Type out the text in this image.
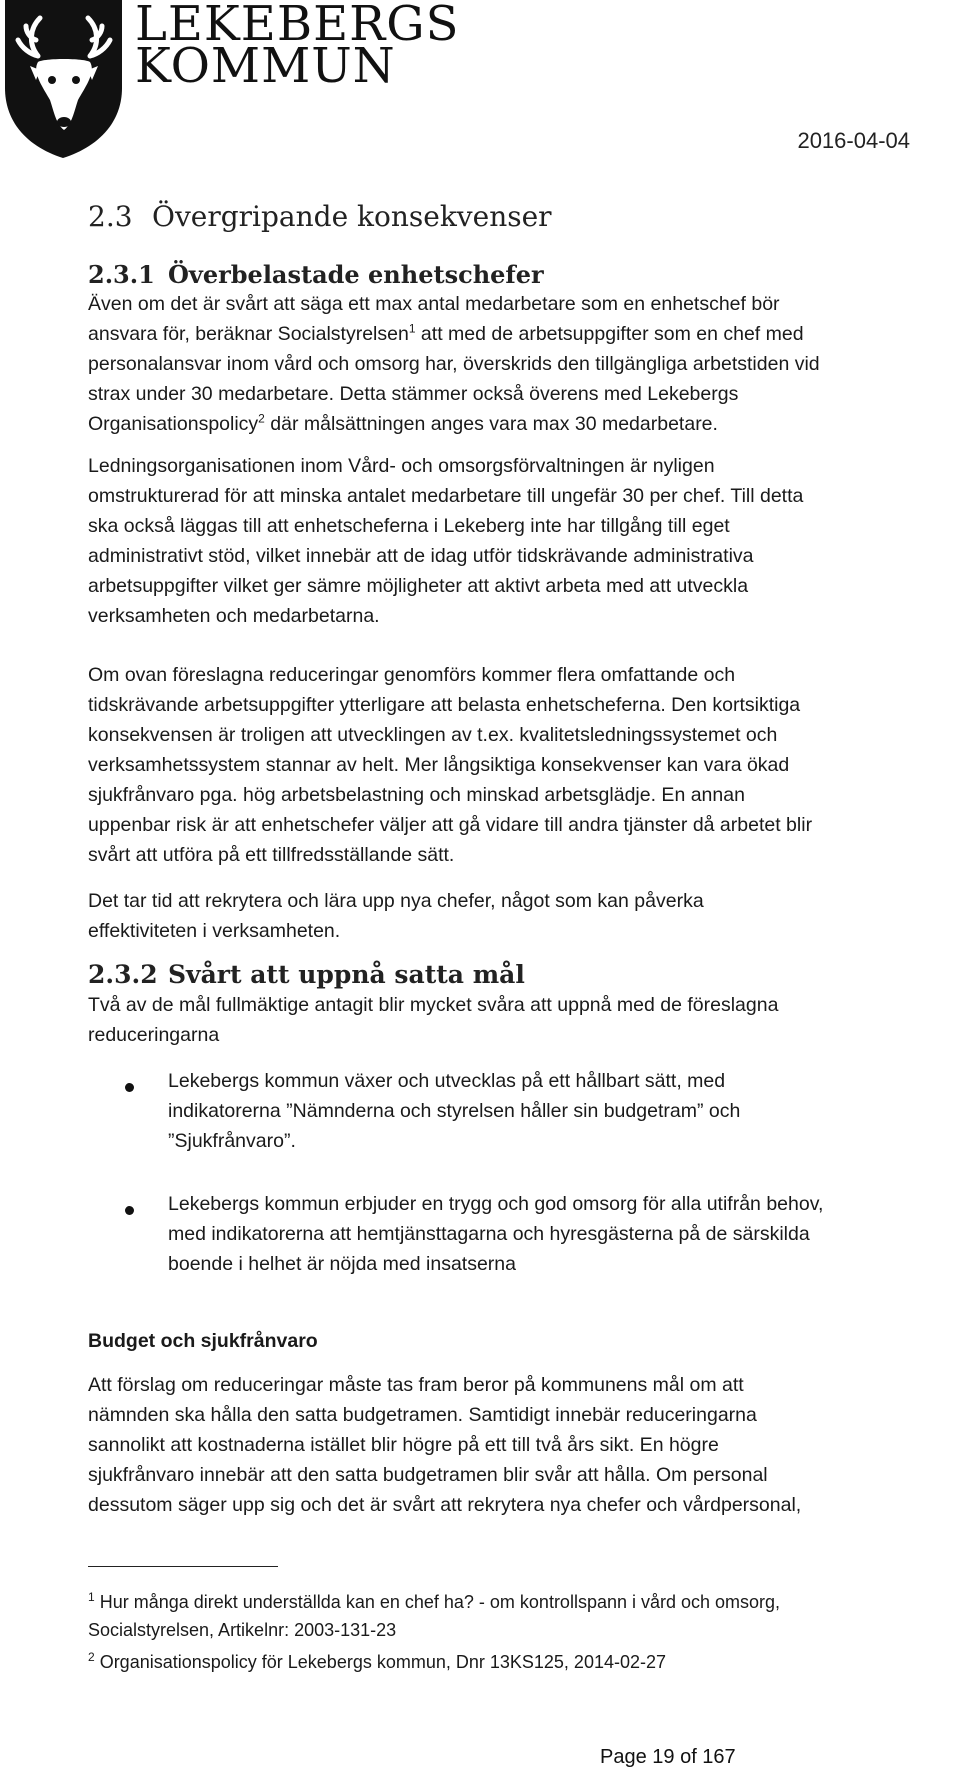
LEKEBERGS
KOMMUN
2016-04-04
2.3 Övergripande konsekvenser
2.3.1 Överbelastade enhetschefer
Även om det är svårt att säga ett max antal medarbetare som en enhetschef bör
ansvara för, beräknar Socialstyrelsen$^1$ att med de arbetsuppgifter som en chef med
personalansvar inom vård och omsorg har, överskrids den tillgängliga arbetstiden vid
strax under 30 medarbetare. Detta stämmer också överens med Lekebergs
Organisationspolicy$^2$ där målsättningen anges vara max 30 medarbetare.
Ledningsorganisationen inom Vård- och omsorgsförvaltningen är nyligen
omstrukturerad för att minska antalet medarbetare till ungefär 30 per chef. Till detta
ska också läggas till att enhetscheferna i Lekeberg inte har tillgång till eget
administrativt stöd, vilket innebär att de idag utför tidskrävande administrativa
arbetsuppgifter vilket ger sämre möjligheter att aktivt arbeta med att utveckla
verksamheten och medarbetarna.
Om ovan föreslagna reduceringar genomförs kommer flera omfattande och
tidskrävande arbetsuppgifter ytterligare att belasta enhetscheferna. Den kortsiktiga
konsekvensen är troligen att utvecklingen av t.ex. kvalitetsledningssystemet och
verksamhetssystem stannar av helt. Mer långsiktiga konsekvenser kan vara ökad
sjukfrånvaro pga. hög arbetsbelastning och minskad arbetsglädje. En annan
uppenbar risk är att enhetschefer väljer att gå vidare till andra tjänster då arbetet blir
svårt att utföra på ett tillfredsställande sätt.
Det tar tid att rekrytera och lära upp nya chefer, något som kan påverka
effektiviteten i verksamheten.
2.3.2 Svårt att uppnå satta mål
Två av de mål fullmäktige antagit blir mycket svåra att uppnå med de föreslagna
reduceringarna
Lekebergs kommun växer och utvecklas på ett hållbart sätt, med
indikatorerna ”Nämnderna och styrelsen håller sin budgetram” och
”Sjukfrånvaro”.
Lekebergs kommun erbjuder en trygg och god omsorg för alla utifrån behov,
med indikatorerna att hemtjänsttagarna och hyresgästerna på de särskilda
boende i helhet är nöjda med insatserna
Budget och sjukfrånvaro
Att förslag om reduceringar måste tas fram beror på kommunens mål om att
nämnden ska hålla den satta budgetramen. Samtidigt innebär reduceringarna
sannolikt att kostnaderna istället blir högre på ett till två års sikt. En högre
sjukfrånvaro innebär att den satta budgetramen blir svår att hålla. Om personal
dessutom säger upp sig och det är svårt att rekrytera nya chefer och vårdpersonal,
$^1$ Hur många direkt underställda kan en chef ha? - om kontrollspann i vård och omsorg,
Socialstyrelsen, Artikelnr: 2003-131-23
$^2$ Organisationspolicy för Lekebergs kommun, Dnr 13KS125, 2014-02-27
Page 19 of 167
